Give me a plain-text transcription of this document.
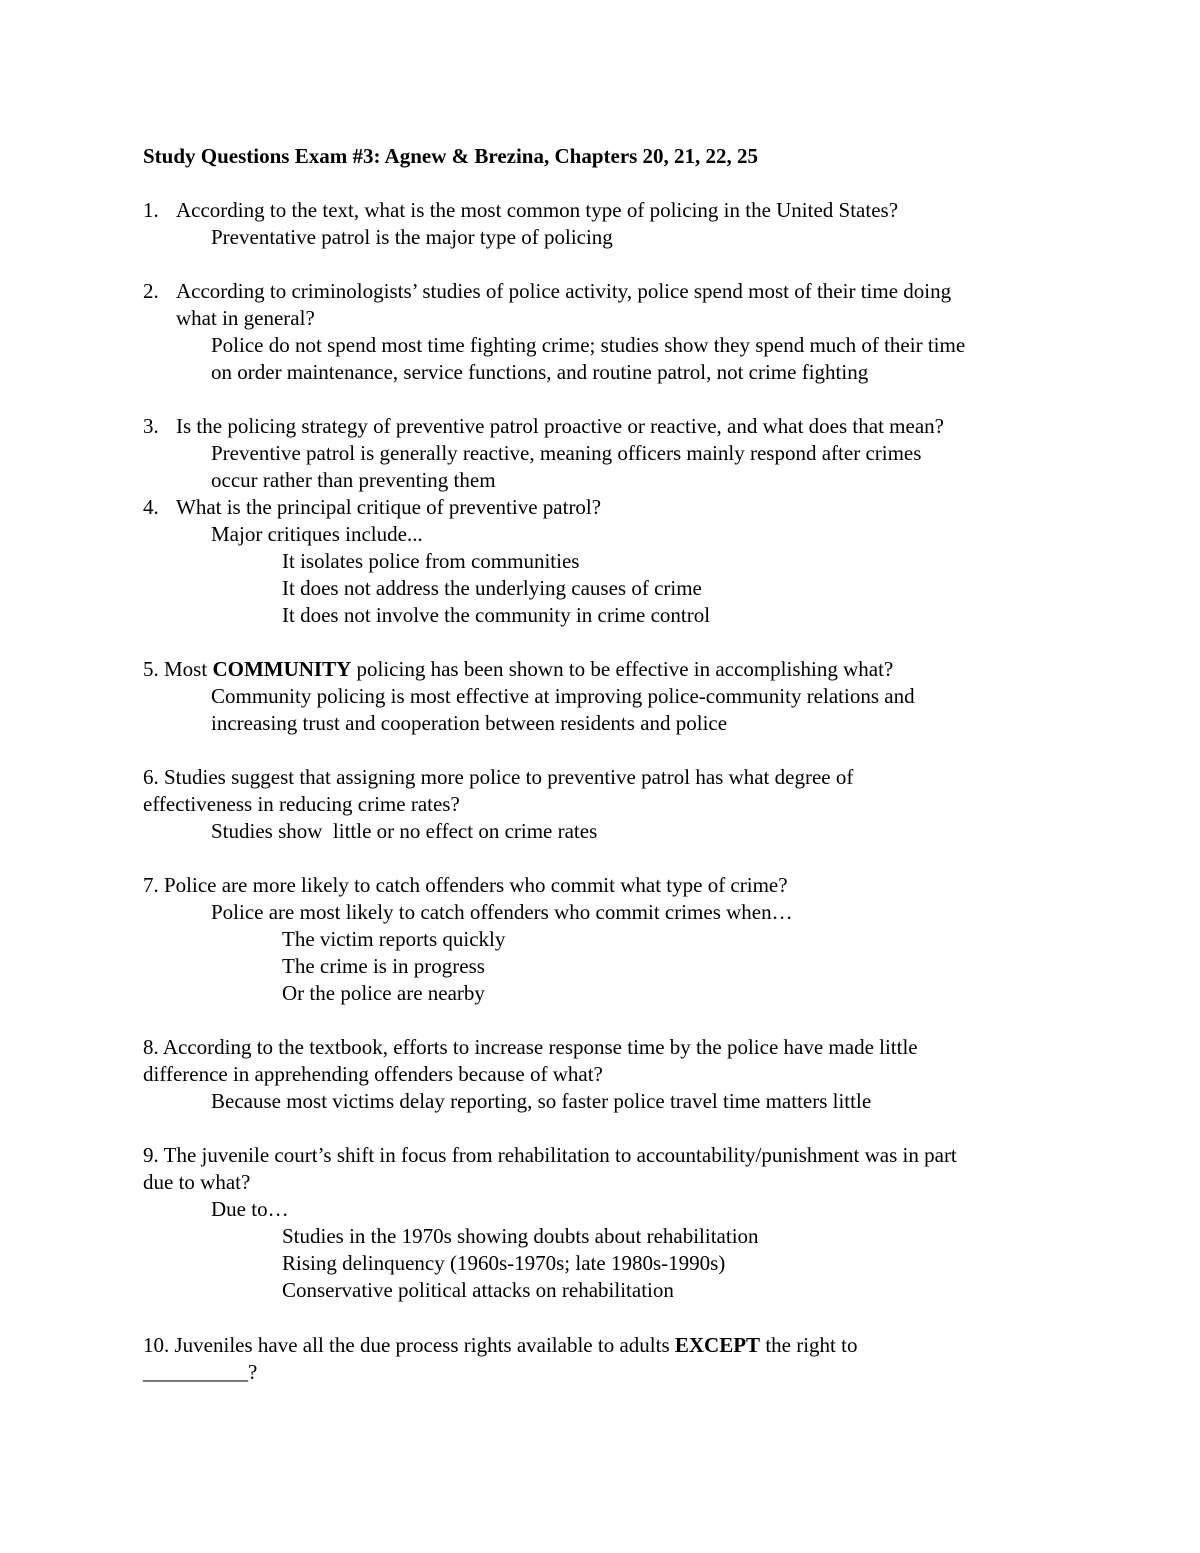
Study Questions Exam #3: Agnew & Brezina, Chapters 20, 21, 22, 25
1. According to the text, what is the most common type of policing in the United States?
Preventative patrol is the major type of policing
2. According to criminologists’ studies of police activity, police spend most of their time doing
what in general?
Police do not spend most time fighting crime; studies show they spend much of their time
on order maintenance, service functions, and routine patrol, not crime fighting
3. Is the policing strategy of preventive patrol proactive or reactive, and what does that mean?
Preventive patrol is generally reactive, meaning officers mainly respond after crimes
occur rather than preventing them
4. What is the principal critique of preventive patrol?
Major critiques include...
It isolates police from communities
It does not address the underlying causes of crime
It does not involve the community in crime control
5. Most COMMUNITY policing has been shown to be effective in accomplishing what?
Community policing is most effective at improving police-community relations and
increasing trust and cooperation between residents and police
6. Studies suggest that assigning more police to preventive patrol has what degree of
effectiveness in reducing crime rates?
Studies show  little or no effect on crime rates
7. Police are more likely to catch offenders who commit what type of crime?
Police are most likely to catch offenders who commit crimes when…
The victim reports quickly
The crime is in progress
Or the police are nearby
8. According to the textbook, efforts to increase response time by the police have made little
difference in apprehending offenders because of what?
Because most victims delay reporting, so faster police travel time matters little
9. The juvenile court’s shift in focus from rehabilitation to accountability/punishment was in part
due to what?
Due to…
Studies in the 1970s showing doubts about rehabilitation
Rising delinquency (1960s-1970s; late 1980s-1990s)
Conservative political attacks on rehabilitation
10. Juveniles have all the due process rights available to adults EXCEPT the right to
__________?
